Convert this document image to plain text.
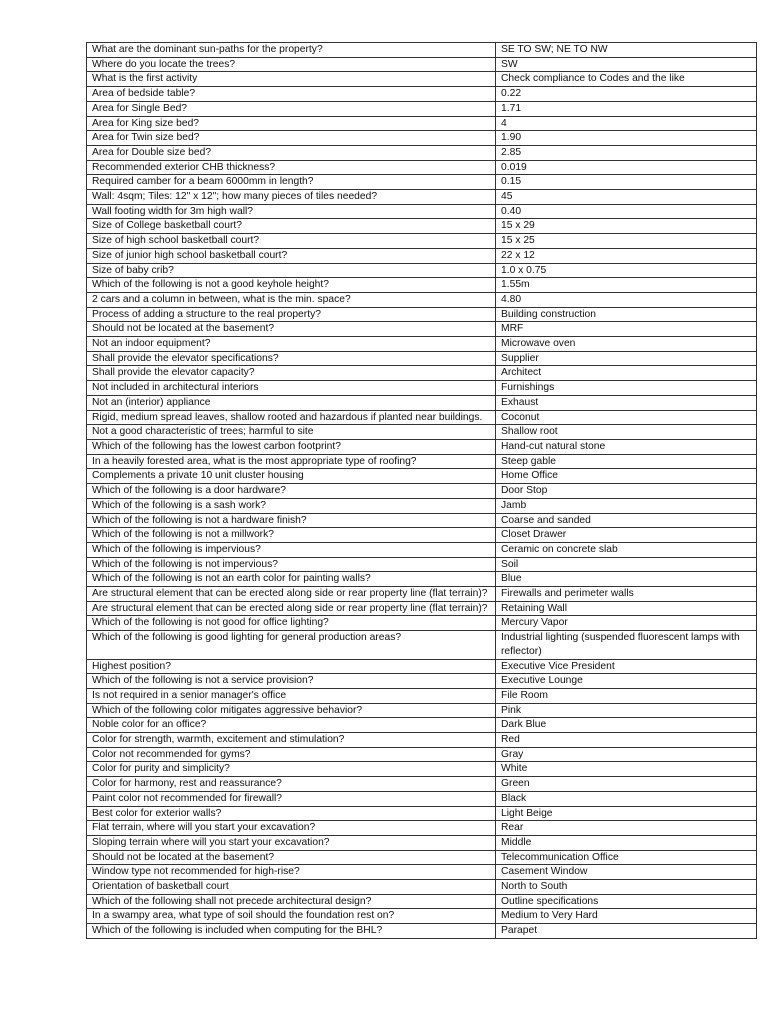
What are the dominant sun-paths for the property?	SE TO SW; NE TO NW
Where do you locate the trees?	SW
What is the first activity	Check compliance to Codes and the like
Area of bedside table?	0.22
Area for Single Bed?	1.71
Area for King size bed?	4
Area for Twin size bed?	1.90
Area for Double size bed?	2.85
Recommended exterior CHB thickness?	0.019
Required camber for a beam 6000mm in length?	0.15
Wall: 4sqm; Tiles: 12" x 12"; how many pieces of tiles needed?	45
Wall footing width for 3m high wall?	0.40
Size of College basketball court?	15 x 29
Size of high school basketball court?	15 x 25
Size of junior high school basketball court?	22 x 12
Size of baby crib?	1.0 x 0.75
Which of the following is not a good keyhole height?	1.55m
2 cars and a column in between, what is the min. space?	4.80
Process of adding a structure to the real property?	Building construction
Should not be located at the basement?	MRF
Not an indoor equipment?	Microwave oven
Shall provide the elevator specifications?	Supplier
Shall provide the elevator capacity?	Architect
Not included in architectural interiors	Furnishings
Not an (interior) appliance	Exhaust
Rigid, medium spread leaves, shallow rooted and hazardous if planted near buildings.	Coconut
Not a good characteristic of trees; harmful to site	Shallow root
Which of the following has the lowest carbon footprint?	Hand-cut natural stone
In a heavily forested area, what is the most appropriate type of roofing?	Steep gable
Complements a private 10 unit cluster housing	Home Office
Which of the following is a door hardware?	Door Stop
Which of the following is a sash work?	Jamb
Which of the following is not a hardware finish?	Coarse and sanded
Which of the following is not a millwork?	Closet Drawer
Which of the following is impervious?	Ceramic on concrete slab
Which of the following is not impervious?	Soil
Which of the following is not an earth color for painting walls?	Blue
Are structural element that can be erected along side or rear property line (flat terrain)?	Firewalls and perimeter walls
Are structural element that can be erected along side or rear property line (flat terrain)?	Retaining Wall
Which of the following is not good for office lighting?	Mercury Vapor
Which of the following is good lighting for general production areas?	Industrial lighting (suspended fluorescent lamps with reflector)
Highest position?	Executive Vice President
Which of the following is not a service provision?	Executive Lounge
Is not required in a senior manager's office	File Room
Which of the following color mitigates aggressive behavior?	Pink
Noble color for an office?	Dark Blue
Color for strength, warmth, excitement and stimulation?	Red
Color not recommended for gyms?	Gray
Color for purity and simplicity?	White
Color for harmony, rest and reassurance?	Green
Paint color not recommended for firewall?	Black
Best color for exterior walls?	Light Beige
Flat terrain, where will you start your excavation?	Rear
Sloping terrain where will you start your excavation?	Middle
Should not be located at the basement?	Telecommunication Office
Window type not recommended for high-rise?	Casement Window
Orientation of basketball court	North to South
Which of the following shall not precede architectural design?	Outline specifications
In a swampy area, what type of soil should the foundation rest on?	Medium to Very Hard
Which of the following is included when computing for the BHL?	Parapet
